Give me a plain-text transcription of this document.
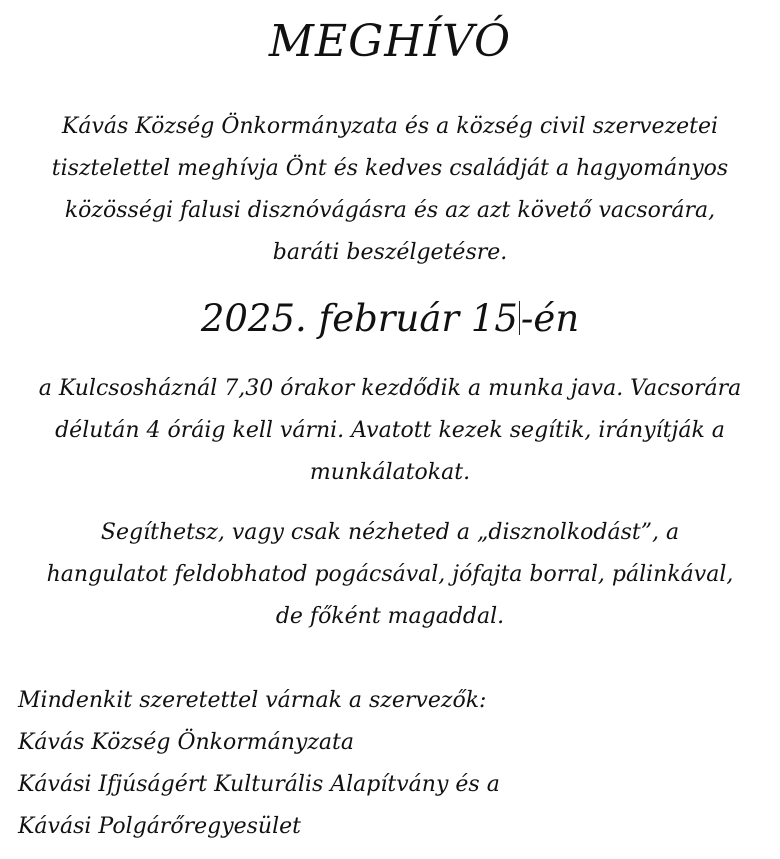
MEGHÍVÓ

Kávás Község Önkormányzata és a község civil szervezetei
tisztelettel meghívja Önt és kedves családját a hagyományos
közösségi falusi disznóvágásra és az azt követő vacsorára,
baráti beszélgetésre.

2025. február 15-én

a Kulcsosháznál 7,30 órakor kezdődik a munka java. Vacsorára
délután 4 óráig kell várni. Avatott kezek segítik, irányítják a
munkálatokat.

Segíthetsz, vagy csak nézheted a „disznolkodást”, a
hangulatot feldobhatod pogácsával, jófajta borral, pálinkával,
de főként magaddal.

Mindenkit szeretettel várnak a szervezők:
Kávás Község Önkormányzata
Kávási Ifjúságért Kulturális Alapítvány és a
Kávási Polgárőregyesület
